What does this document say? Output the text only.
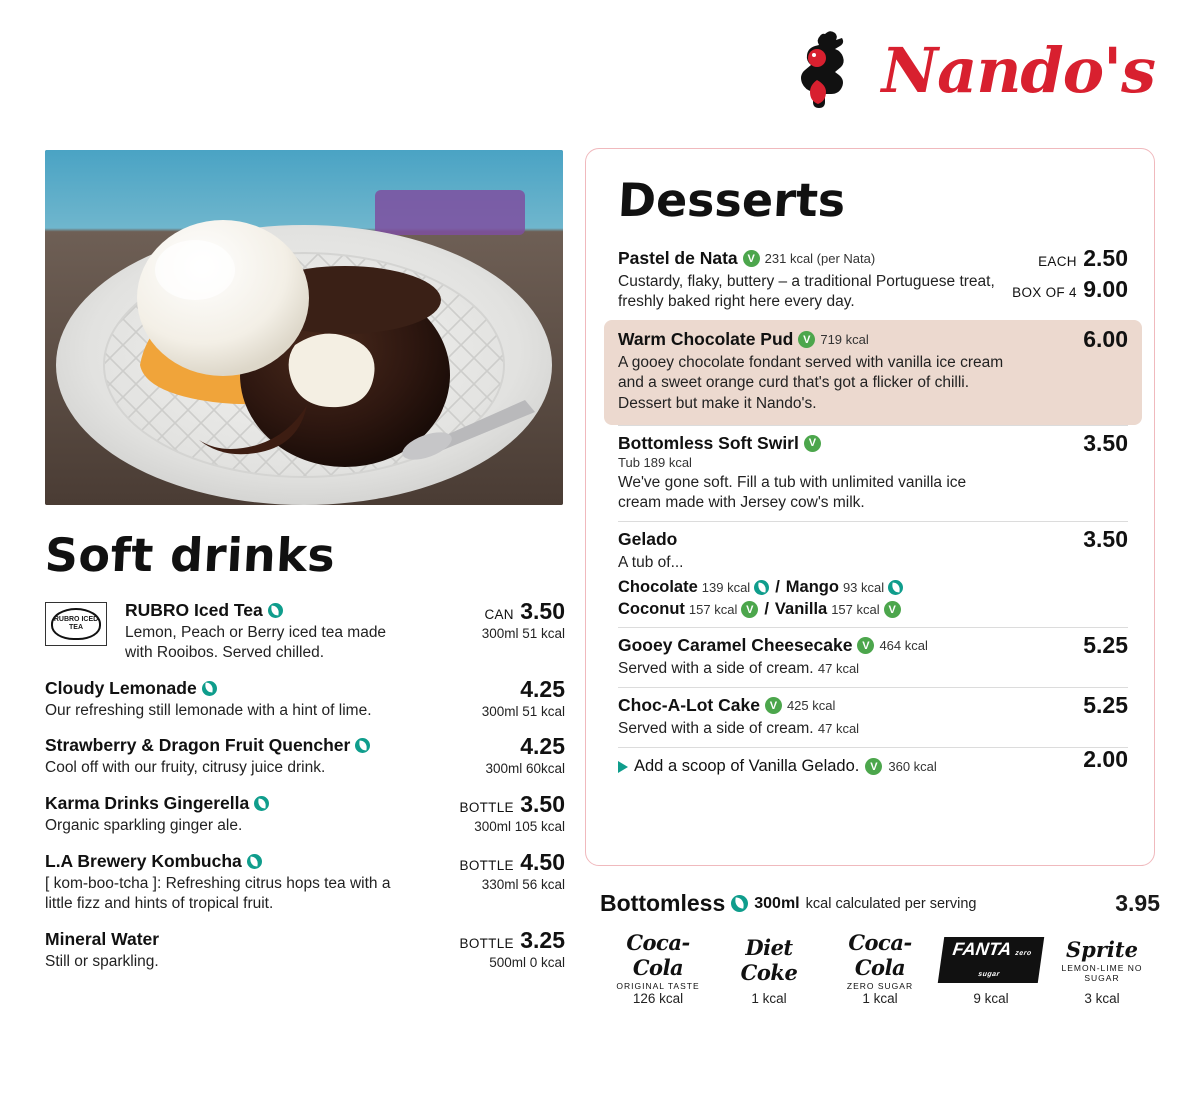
Nando's
Soft drinks
RUBRO ICED TEA
RUBRO Iced Tea
Lemon, Peach or Berry iced tea made with Rooibos. Served chilled.
CAN 3.50
300ml 51 kcal
Cloudy Lemonade
Our refreshing still lemonade with a hint of lime.
4.25
300ml 51 kcal
Strawberry & Dragon Fruit Quencher
Cool off with our fruity, citrusy juice drink.
4.25
300ml 60kcal
Karma Drinks Gingerella
Organic sparkling ginger ale.
BOTTLE 3.50
300ml 105 kcal
L.A Brewery Kombucha
[ kom-boo-tcha ]: Refreshing citrus hops tea with a little fizz and hints of tropical fruit.
BOTTLE 4.50
330ml 56 kcal
Mineral Water
Still or sparkling.
BOTTLE 3.25
500ml 0 kcal
Desserts
Pastel de Nata V 231 kcal (per Nata)
Custardy, flaky, buttery – a traditional Portuguese treat, freshly baked right here every day.
EACH 2.50
BOX OF 4 9.00
Warm Chocolate Pud V 719 kcal
A gooey chocolate fondant served with vanilla ice cream and a sweet orange curd that's got a flicker of chilli. Dessert but make it Nando's.
6.00
Bottomless Soft Swirl V
Tub 189 kcal
We've gone soft. Fill a tub with unlimited vanilla ice cream made with Jersey cow's milk.
3.50
Gelado
A tub of...
Chocolate 139 kcal / Mango 93 kcal
Coconut 157 kcal V / Vanilla 157 kcal V
3.50
Gooey Caramel Cheesecake V 464 kcal
Served with a side of cream. 47 kcal
5.25
Choc-A-Lot Cake V 425 kcal
Served with a side of cream. 47 kcal
5.25
Add a scoop of Vanilla Gelado. V 360 kcal	2.00
Bottomless 300ml kcal calculated per serving	3.95
Coca-Cola
ORIGINAL TASTE
126 kcal
Diet Coke
1 kcal
Coca-Cola
ZERO SUGAR
1 kcal
FANTA zero sugar
9 kcal
Sprite
LEMON-LIME NO SUGAR
3 kcal
